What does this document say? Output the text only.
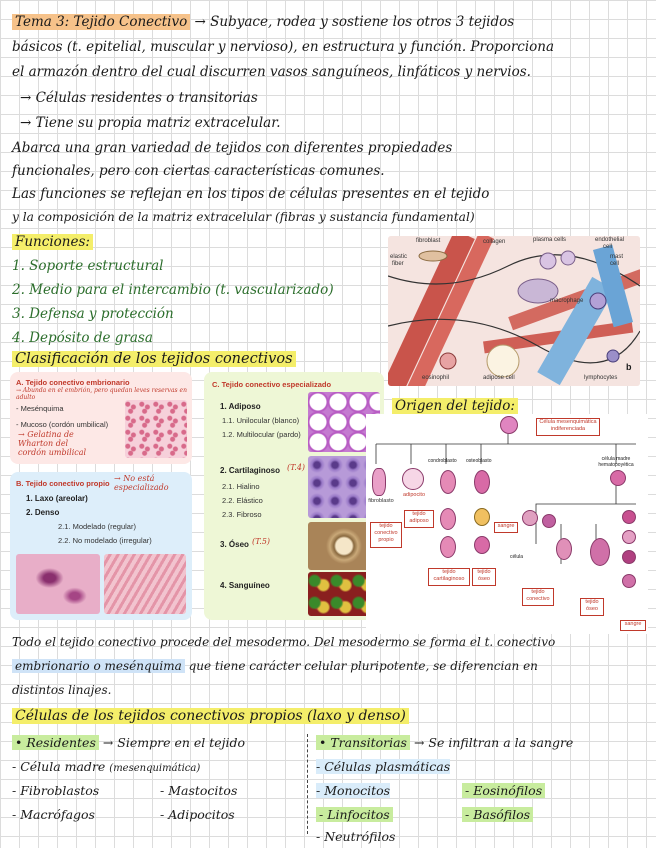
Tema 3: Tejido Conectivo → Subyace, rodea y sostiene los otros 3 tejidos
básicos (t. epitelial, muscular y nervioso), en estructura y función. Proporciona
el armazón dentro del cual discurren vasos sanguíneos, linfáticos y nervios.
→ Células residentes o transitorias
→ Tiene su propia matriz extracelular.
Abarca una gran variedad de tejidos con diferentes propiedades
funcionales, pero con ciertas características comunes.
Las funciones se reflejan en los tipos de células presentes en el tejido
y la composición de la matriz extracelular (fibras y sustancia fundamental)
Funciones:
1. Soporte estructural
2. Medio para el intercambio (t. vascularizado)
3. Defensa y protección
4. Depósito de grasa
fibroblast	collagen	plasma cells	endothelial
cell
elastic
fiber
mast
cell
macrophage
eosinophil	adipose cell	lymphocytes
b
Clasificación de los tejidos conectivos
A. Tejido conectivo embrionario
→ Abunda en el embrión, pero quedan leves reservas en adulto
- Mesénquima
- Mucoso (cordón umbilical)
→ Gelatina de Wharton del cordón umbilical
B. Tejido conectivo propio
→ No está especializado
1. Laxo (areolar)
2. Denso
2.1. Modelado (regular)
2.2. No modelado (irregular)
C. Tejido conectivo especializado
1. Adiposo
1.1. Unilocular (blanco)
1.2. Multilocular (pardo)
2. Cartilaginoso (T.4)
2.1. Hialino
2.2. Elástico
2.3. Fibroso
3. Óseo (T.5)
4. Sanguíneo
Origen del tejido:
Célula mesenquimática indiferenciada
condroblasto osteoblasto	célula madre hematopoyética
fibroblasto
adipocito
tejido conectivo propio
tejido adiposo
tejido cartilaginoso
tejido óseo
sangre
célula
tejido conectivo	tejido óseo
sangre
Todo el tejido conectivo procede del mesodermo. Del mesodermo se forma el t. conectivo
embrionario o mesénquima que tiene carácter celular pluripotente, se diferencian en
distintos linajes.
Células de los tejidos conectivos propios (laxo y denso)
• Residentes → Siempre en el tejido	• Transitorias → Se infiltran a la sangre
- Célula madre (mesenquimática)
- Fibroblastos	- Mastocitos
- Macrófagos	- Adipocitos
- Células plasmáticas
- Monocitos	- Eosinófilos
- Linfocitos	- Basófilos
- Neutrófilos
